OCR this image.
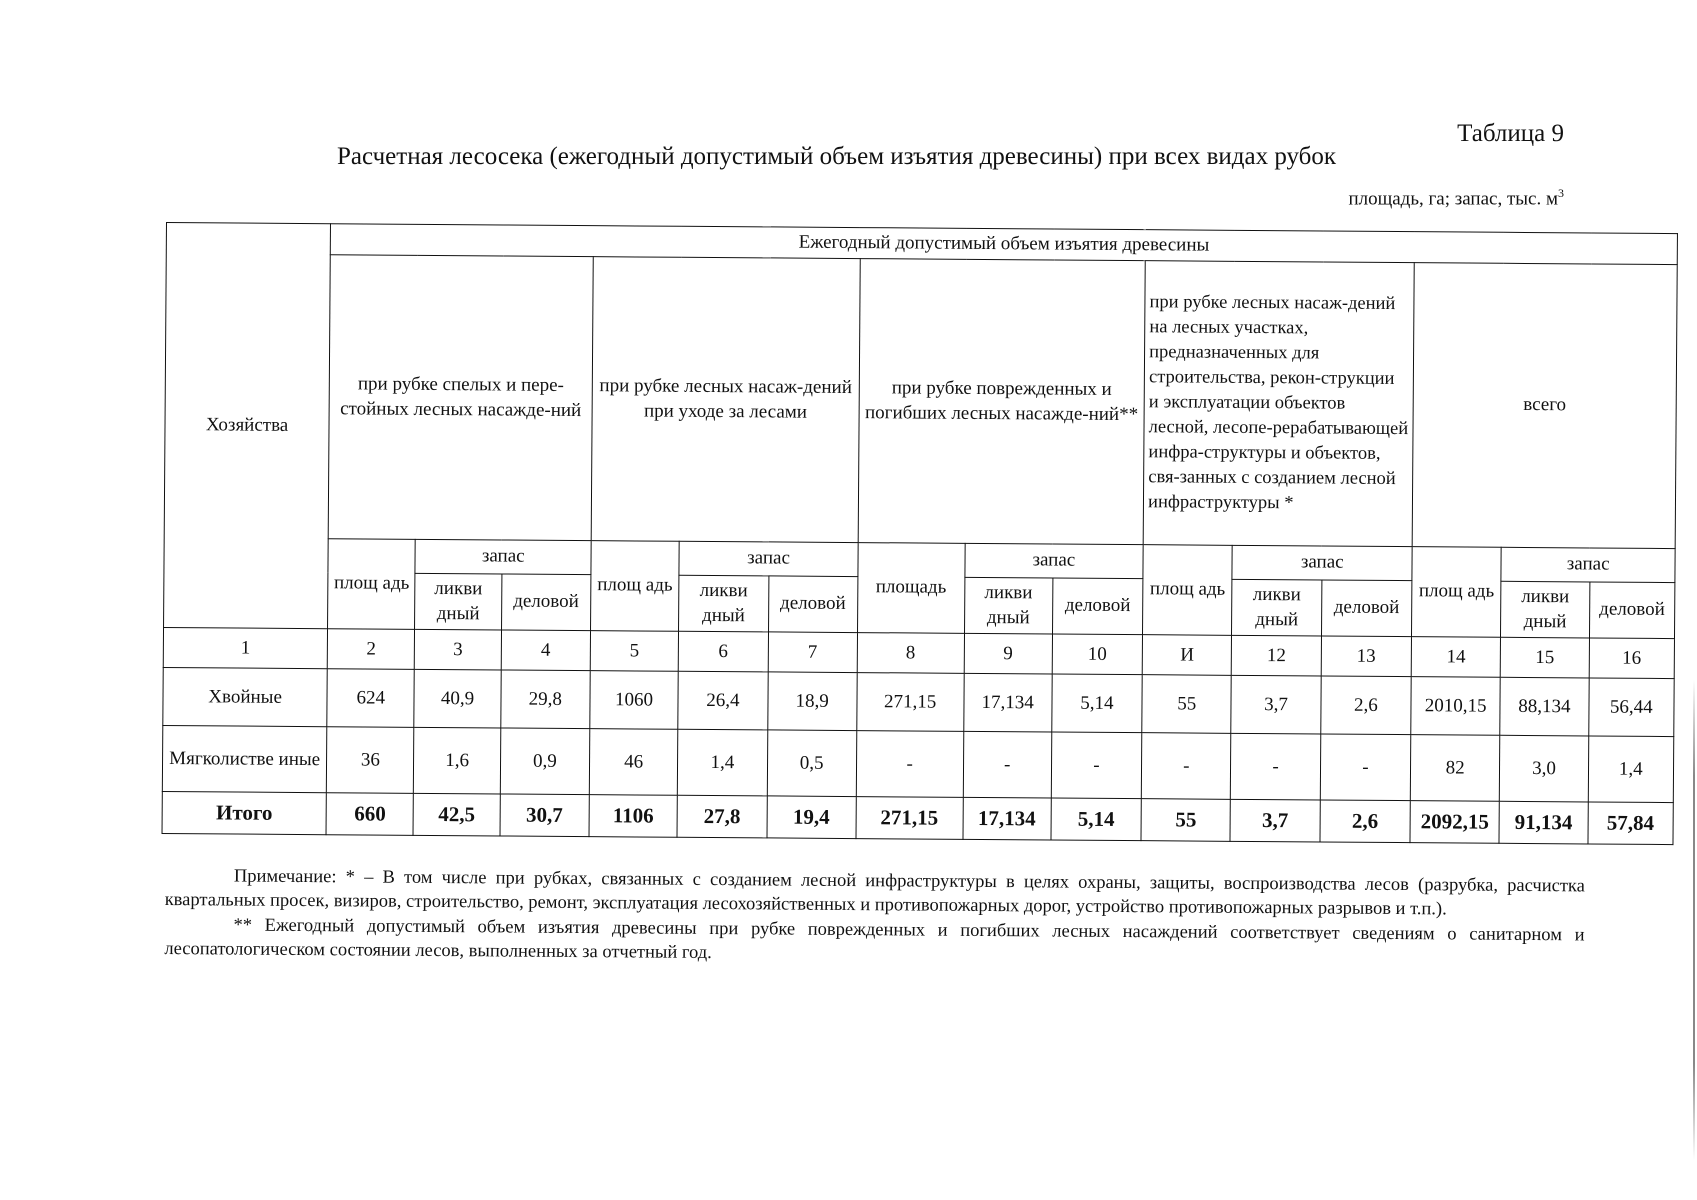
Таблица 9
Расчетная лесосека (ежегодный допустимый объем изъятия древесины) при всех видах рубок
площадь, га; запас, тыс. $м^3$
Хозяйства	Ежегодный допустимый объем изъятия древесины														
	при рубке спелых и пере-стойных лесных насажде-ний			при рубке лесных насаж-дений при уходе за лесами			при рубке поврежденных и погибших лесных насажде-ний**			при рубке лесных насаж-дений на лесных участках, предназначенных для строительства, рекон-струкции и эксплуатации объектов лесной, лесопе-рерабатывающей инфра-структуры и объектов, свя-занных с созданием лесной инфраструктуры *			всего		
	площ адь	запас		площ адь	запас		площадь	запас		площ адь	запас		площ адь	запас	
		ликви дный	деловой		ликви дный	деловой		ликви дный	деловой		ликви дный	деловой		ликви дный	деловой
1	2	3	4	5	6	7	8	9	10	И	12	13	14	15	16
Хвойные	624	40,9	29,8	1060	26,4	18,9	271,15	17,134	5,14	55	3,7	2,6	2010,15	88,134	56,44
Мягколистве иные	36	1,6	0,9	46	1,4	0,5	-	-	-	-	-	-	82	3,0	1,4
Итого	660	42,5	30,7	1106	27,8	19,4	271,15	17,134	5,14	55	3,7	2,6	2092,15	91,134	57,84

Примечание: * – В том числе при рубках, связанных с созданием лесной инфраструктуры в целях охраны, защиты, воспроизводства лесов (разрубка, расчистка квартальных просек, визиров, строительство, ремонт, эксплуатация лесохозяйственных и противопожарных дорог, устройство противопожарных разрывов и т.п.).

** Ежегодный допустимый объем изъятия древесины при рубке поврежденных и погибших лесных насаждений соответствует сведениям о санитарном и лесопатологическом состоянии лесов, выполненных за отчетный год.
